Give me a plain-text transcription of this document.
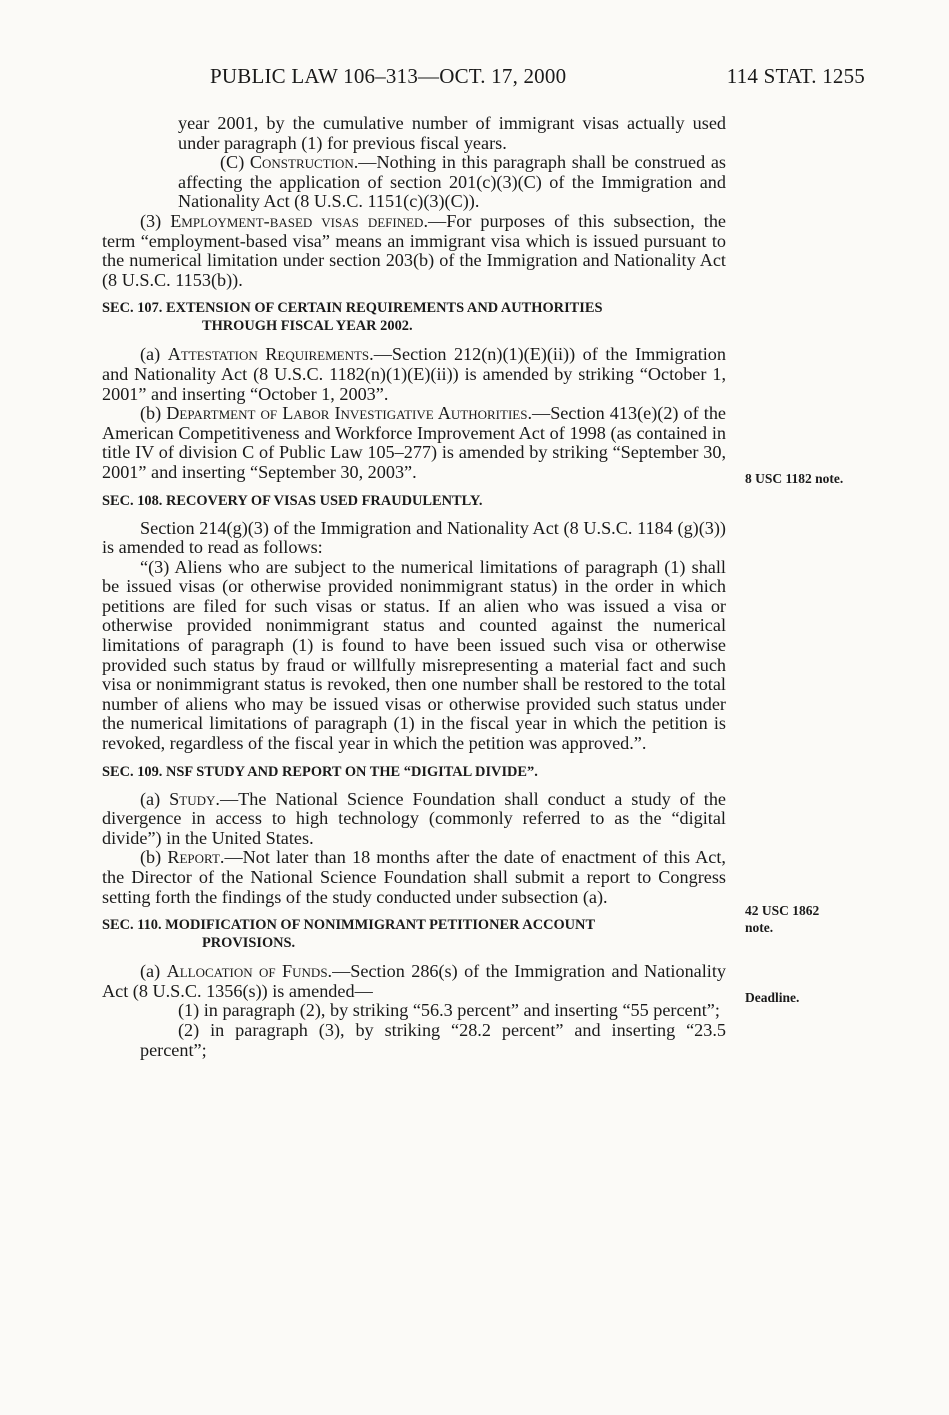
PUBLIC LAW 106–313—OCT. 17, 2000	114 STAT. 1255

year 2001, by the cumulative number of immigrant visas actually used under paragraph (1) for previous fiscal years.

(C) Construction.—Nothing in this paragraph shall be construed as affecting the application of section 201(c)(3)(C) of the Immigration and Nationality Act (8 U.S.C. 1151(c)(3)(C)).

(3) Employment-based visas defined.—For purposes of this subsection, the term “employment-based visa” means an immigrant visa which is issued pursuant to the numerical limitation under section 203(b) of the Immigration and Nationality Act (8 U.S.C. 1153(b)).

SEC. 107. EXTENSION OF CERTAIN REQUIREMENTS AND AUTHORITIES
THROUGH FISCAL YEAR 2002.

(a) Attestation Requirements.—Section 212(n)(1)(E)(ii)) of the Immigration and Nationality Act (8 U.S.C. 1182(n)(1)(E)(ii)) is amended by striking “October 1, 2001” and inserting “October 1, 2003”.

(b) Department of Labor Investigative Authorities.—Section 413(e)(2) of the American Competitiveness and Workforce Improvement Act of 1998 (as contained in title IV of division C of Public Law 105–277) is amended by striking “September 30, 2001” and inserting “September 30, 2003”.

SEC. 108. RECOVERY OF VISAS USED FRAUDULENTLY.

Section 214(g)(3) of the Immigration and Nationality Act (8 U.S.C. 1184 (g)(3)) is amended to read as follows:

“(3) Aliens who are subject to the numerical limitations of paragraph (1) shall be issued visas (or otherwise provided nonimmigrant status) in the order in which petitions are filed for such visas or status. If an alien who was issued a visa or otherwise provided nonimmigrant status and counted against the numerical limitations of paragraph (1) is found to have been issued such visa or otherwise provided such status by fraud or willfully misrepresenting a material fact and such visa or nonimmigrant status is revoked, then one number shall be restored to the total number of aliens who may be issued visas or otherwise provided such status under the numerical limitations of paragraph (1) in the fiscal year in which the petition is revoked, regardless of the fiscal year in which the petition was approved.”.

SEC. 109. NSF STUDY AND REPORT ON THE “DIGITAL DIVIDE”.

(a) Study.—The National Science Foundation shall conduct a study of the divergence in access to high technology (commonly referred to as the “digital divide”) in the United States.

(b) Report.—Not later than 18 months after the date of enactment of this Act, the Director of the National Science Foundation shall submit a report to Congress setting forth the findings of the study conducted under subsection (a).

SEC. 110. MODIFICATION OF NONIMMIGRANT PETITIONER ACCOUNT
PROVISIONS.

(a) Allocation of Funds.—Section 286(s) of the Immigration and Nationality Act (8 U.S.C. 1356(s)) is amended—

(1) in paragraph (2), by striking “56.3 percent” and inserting “55 percent”;

(2) in paragraph (3), by striking “28.2 percent” and inserting “23.5 percent”;

8 USC 1182 note.
42 USC 1862
note.
Deadline.
